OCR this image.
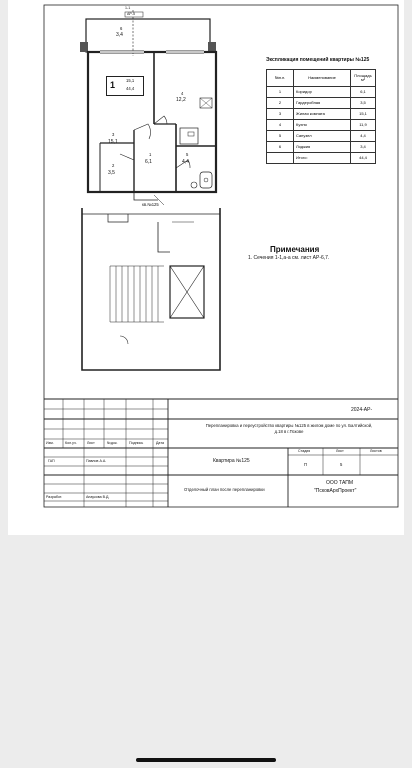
1-1
АР-5
6
3,4
4
12,2
3
15,1
2
3,5
1
6,1
5
4,4
1	15,1
44,4
кв.№125
Экспликация помещений квартиры №125
№п.п.	Наименование	Площадь м²
1	Коридор	6,1
2	Гардеробная	3,5
3	Жилая комната	15,1
4	Кухня	11,9
5	Санузел	4,4
6	Лоджия	3,4
	Итого:	44,4
Примечания
1. Сечения 1-1,а-а см. лист АР-6,7.
2024-АР-
Перепланировка и переустройство квартиры №125 в жилом доме по ул. Балтийской, д.18 в г.Пскове
Изм.	Кол.уч.	Лист	№док.	Подпись	Дата
ГАП	Павлов А.А.
Разработ.	Апаукова В.Д.
Квартира №125
Стадия	Лист	Листов
П	5
Отделочный план после перепланировки
ООО ТАПМ
"ПсковАрхПроект"
